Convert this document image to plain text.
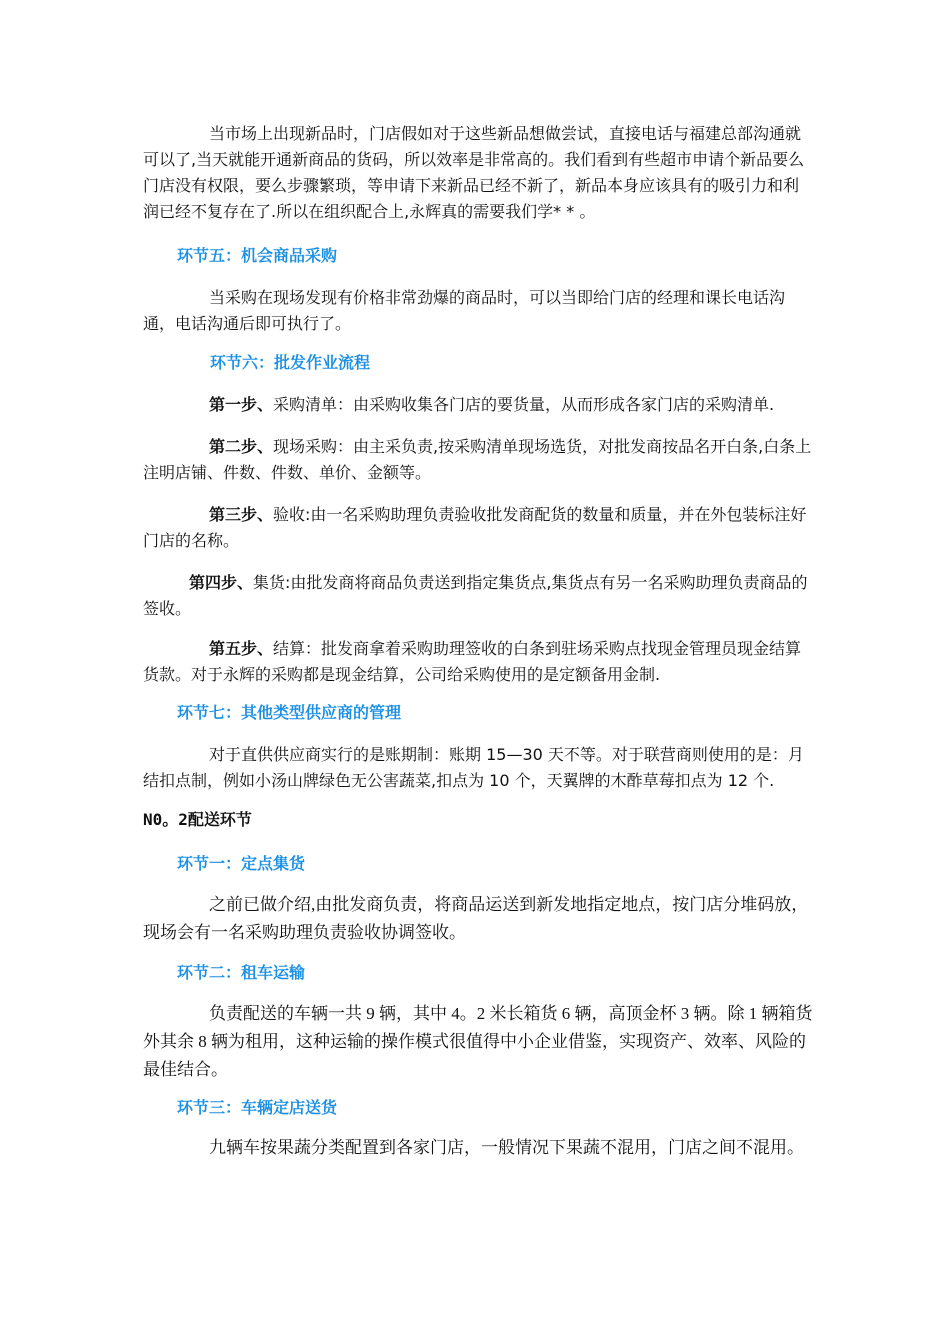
当市场上出现新品时，门店假如对于这些新品想做尝试，直接电话与福建总部沟通就可以了,当天就能开通新商品的货码，所以效率是非常高的。我们看到有些超市申请个新品要么门店没有权限，要么步骤繁琐，等申请下来新品已经不新了，新品本身应该具有的吸引力和利润已经不复存在了.所以在组织配合上,永辉真的需要我们学* * 。

环节五：机会商品采购

当采购在现场发现有价格非常劲爆的商品时，可以当即给门店的经理和课长电话沟通，电话沟通后即可执行了。

环节六：批发作业流程

第一步、采购清单：由采购收集各门店的要货量，从而形成各家门店的采购清单.

第二步、现场采购：由主采负责,按采购清单现场选货，对批发商按品名开白条,白条上注明店铺、件数、件数、单价、金额等。

第三步、验收:由一名采购助理负责验收批发商配货的数量和质量，并在外包装标注好门店的名称。

第四步、集货:由批发商将商品负责送到指定集货点,集货点有另一名采购助理负责商品的签收。

第五步、结算：批发商拿着采购助理签收的白条到驻场采购点找现金管理员现金结算货款。对于永辉的采购都是现金结算，公司给采购使用的是定额备用金制.

环节七：其他类型供应商的管理

对于直供供应商实行的是账期制：账期 15—30 天不等。对于联营商则使用的是：月结扣点制，例如小汤山牌绿色无公害蔬菜,扣点为 10 个，天翼牌的木酢草莓扣点为 12 个.

N0。2配送环节
环节一：定点集货

之前已做介绍,由批发商负责，将商品运送到新发地指定地点，按门店分堆码放，现场会有一名采购助理负责验收协调签收。

环节二：租车运输

负责配送的车辆一共 9 辆，其中 4。2 米长箱货 6 辆，高顶金杯 3 辆。除 1 辆箱货外其余 8 辆为租用，这种运输的操作模式很值得中小企业借鉴，实现资产、效率、风险的最佳结合。

环节三：车辆定店送货

九辆车按果蔬分类配置到各家门店，一般情况下果蔬不混用，门店之间不混用。
